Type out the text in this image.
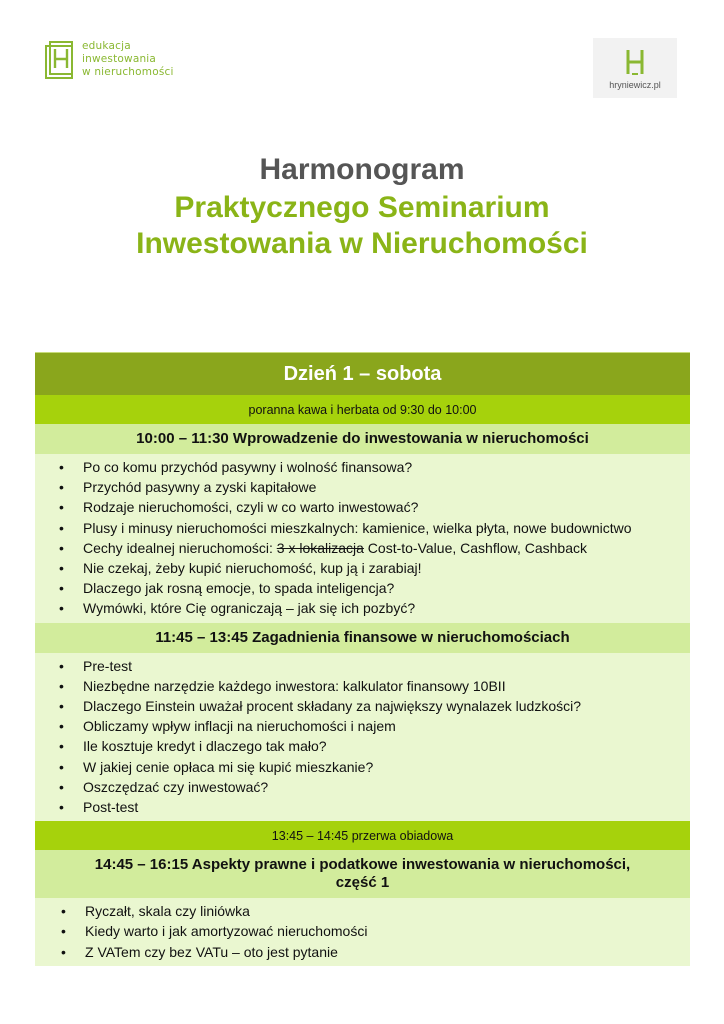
edukacja
inwestowania
w nieruchomości
hryniewicz.pl
Harmonogram
Praktycznego Seminarium
Inwestowania w Nieruchomości
Dzień 1 – sobota
poranna kawa i herbata od 9:30 do 10:00
10:00 – 11:30 Wprowadzenie do inwestowania w nieruchomości
• Po co komu przychód pasywny i wolność finansowa?
• Przychód pasywny a zyski kapitałowe
• Rodzaje nieruchomości, czyli w co warto inwestować?
• Plusy i minusy nieruchomości mieszkalnych: kamienice, wielka płyta, nowe budownictwo
• Cechy idealnej nieruchomości: 3 x lokalizacja Cost-to-Value, Cashflow, Cashback
• Nie czekaj, żeby kupić nieruchomość, kup ją i zarabiaj!
• Dlaczego jak rosną emocje, to spada inteligencja?
• Wymówki, które Cię ograniczają – jak się ich pozbyć?
11:45 – 13:45 Zagadnienia finansowe w nieruchomościach
• Pre-test
• Niezbędne narzędzie każdego inwestora: kalkulator finansowy 10BII
• Dlaczego Einstein uważał procent składany za największy wynalazek ludzkości?
• Obliczamy wpływ inflacji na nieruchomości i najem
• Ile kosztuje kredyt i dlaczego tak mało?
• W jakiej cenie opłaca mi się kupić mieszkanie?
• Oszczędzać czy inwestować?
• Post-test
13:45 – 14:45 przerwa obiadowa
14:45 – 16:15 Aspekty prawne i podatkowe inwestowania w nieruchomości,
część 1
• Ryczałt, skala czy liniówka
• Kiedy warto i jak amortyzować nieruchomości
• Z VATem czy bez VATu – oto jest pytanie
